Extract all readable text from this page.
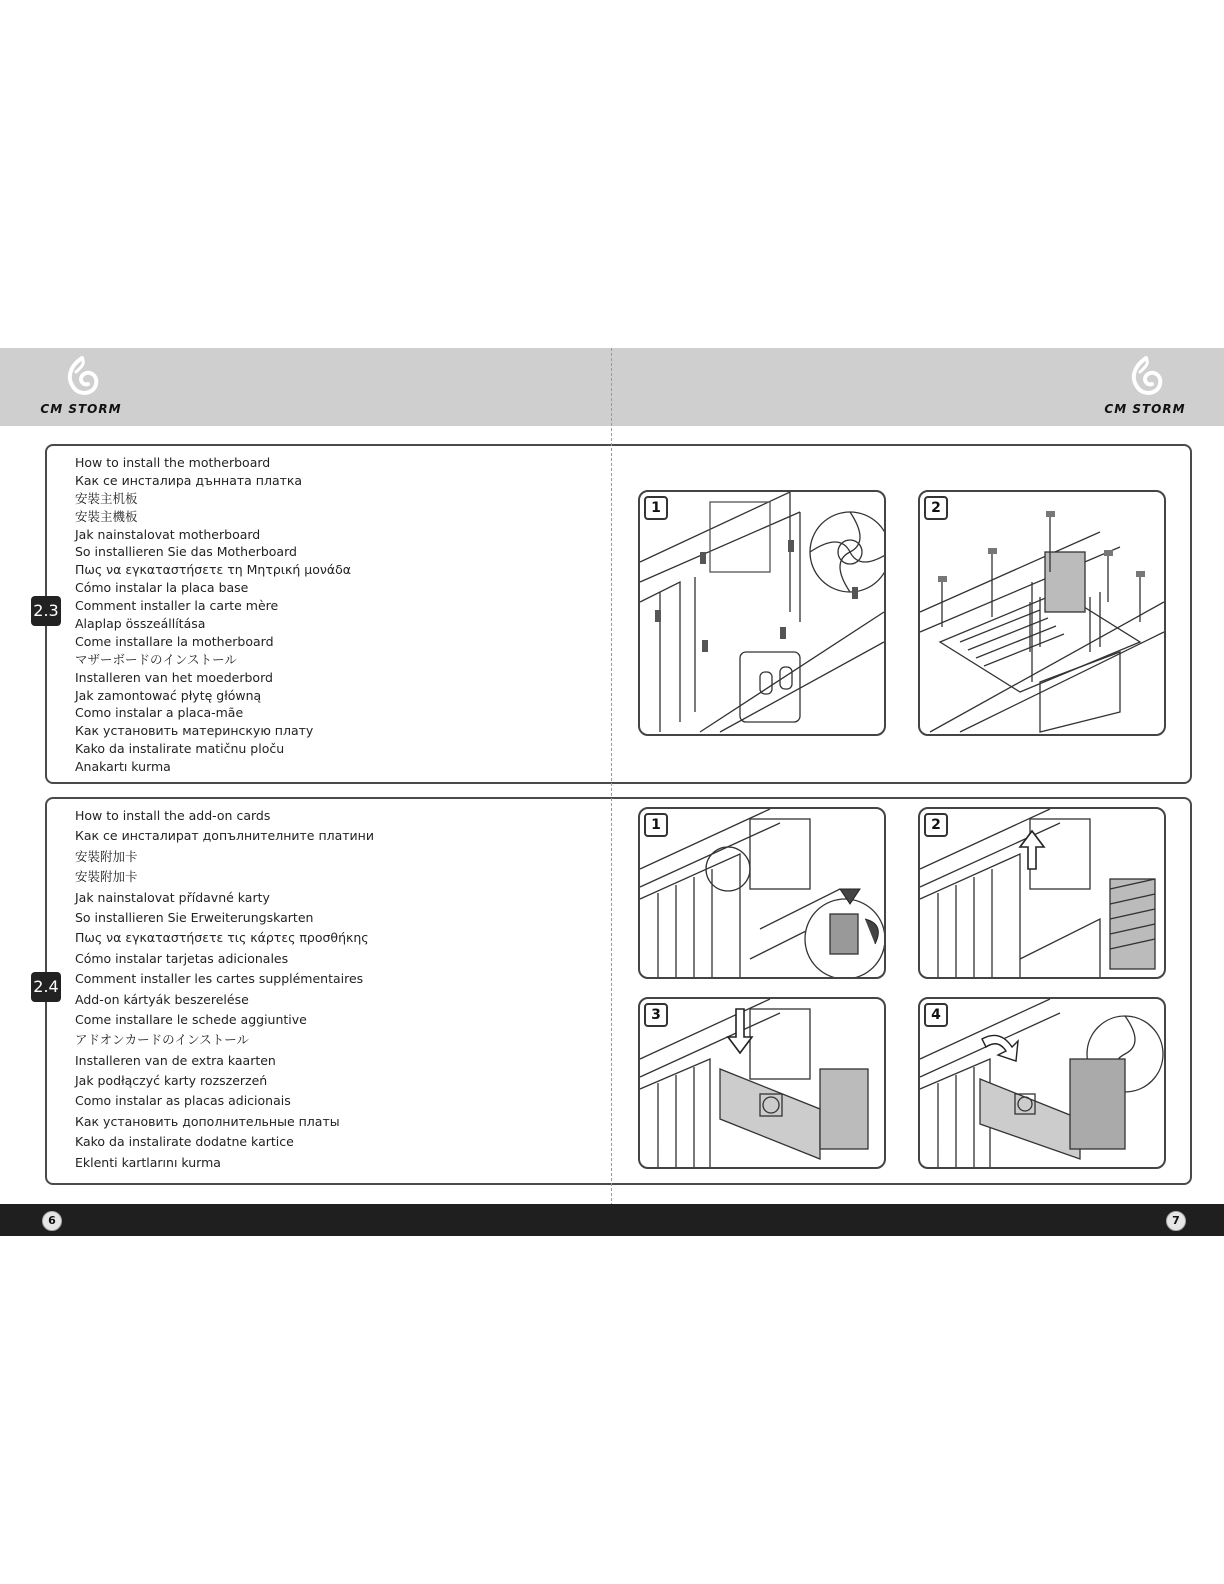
CM STORM	CM STORM
How to install the motherboard
Как се инсталира дънната платка
安裝主机板
安裝主機板
Jak nainstalovat motherboard
So installieren Sie das Motherboard
Πως να εγκαταστήσετε τη Μητρική μονάδα
Cómo instalar la placa base
Comment installer la carte mère
Alaplap összeállítása
Come installare la motherboard
マザーボードのインストール
Installeren van het moederbord
Jak zamontować płytę główną
Como instalar a placa-mãe
Как установить материнскую плату
Kako da instalirate matičnu ploču
Anakartı kurma
1	2
2.3
How to install the add-on cards
Как се инсталират допълнителните платини
安裝附加卡
安裝附加卡
Jak nainstalovat přídavné karty
So installieren Sie Erweiterungskarten
Πως να εγκαταστήσετε τις κάρτες προσθήκης
Cómo instalar tarjetas adicionales
Comment installer les cartes supplémentaires
Add-on kártyák beszerelése
Come installare le schede aggiuntive
アドオンカードのインストール
Installeren van de extra kaarten
Jak podłączyć karty rozszerzeń
Como instalar as placas adicionais
Как установить дополнительные платы
Kako da instalirate dodatne kartice
Eklenti kartlarını kurma
1	2
3	4
2.4
6	7
